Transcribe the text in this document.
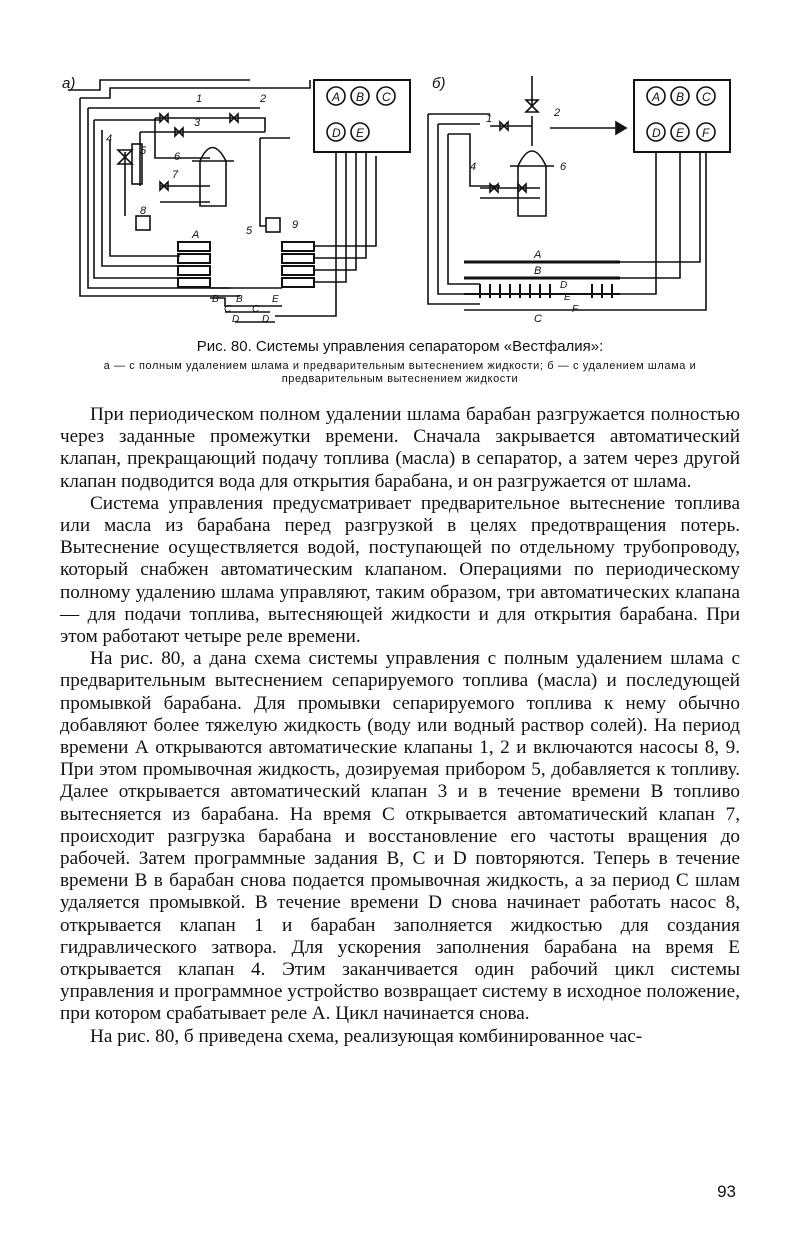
а)
A B C
D E
1	2
3
4
5	6
7
8
9
5
A
B B
C C
D D
E
б)
A B C
D E F
1	2
4	6
A
B
C
D
E
F
Рис. 80. Системы управления сепаратором «Вестфалия»:
а — с полным удалением шлама и предварительным вытеснением жидкости; б — с удалением шлама и предварительным вытеснением жидкости

При периодическом полном удалении шлама барабан разгружается полностью через заданные промежутки времени. Сначала закрывается автоматический клапан, прекращающий подачу топлива (масла) в сепаратор, а затем через другой клапан подводится вода для открытия барабана, и он разгружается от шлама.

Система управления предусматривает предварительное вытеснение топлива или масла из барабана перед разгрузкой в целях предотвращения потерь. Вытеснение осуществляется водой, поступающей по отдельному трубопроводу, который снабжен автоматическим клапаном. Операциями по периодическому полному удалению шлама управляют, таким образом, три автоматических клапана — для подачи топлива, вытесняющей жидкости и для открытия барабана. При этом работают четыре реле времени.

На рис. 80, а дана схема системы управления с полным удалением шлама с предварительным вытеснением сепарируемого топлива (масла) и последующей промывкой барабана. Для промывки сепарируемого топлива к нему обычно добавляют более тяжелую жидкость (воду или водный раствор солей). На период времени А открываются автоматические клапаны 1, 2 и включаются насосы 8, 9. При этом промывочная жидкость, дозируемая прибором 5, добавляется к топливу. Далее открывается автоматический клапан 3 и в течение времени В топливо вытесняется из барабана. На время С открывается автоматический клапан 7, происходит разгрузка барабана и восстановление его частоты вращения до рабочей. Затем программные задания В, С и D повторяются. Теперь в течение времени В в барабан снова подается промывочная жидкость, а за период С шлам удаляется промывкой. В течение времени D снова начинает работать насос 8, открывается клапан 1 и барабан заполняется жидкостью для создания гидравлического затвора. Для ускорения заполнения барабана на время Е открывается клапан 4. Этим заканчивается один рабочий цикл системы управления и программное устройство возвращает систему в исходное положение, при котором срабатывает реле А. Цикл начинается снова.

На рис. 80, б приведена схема, реализующая комбинированное час-

93
